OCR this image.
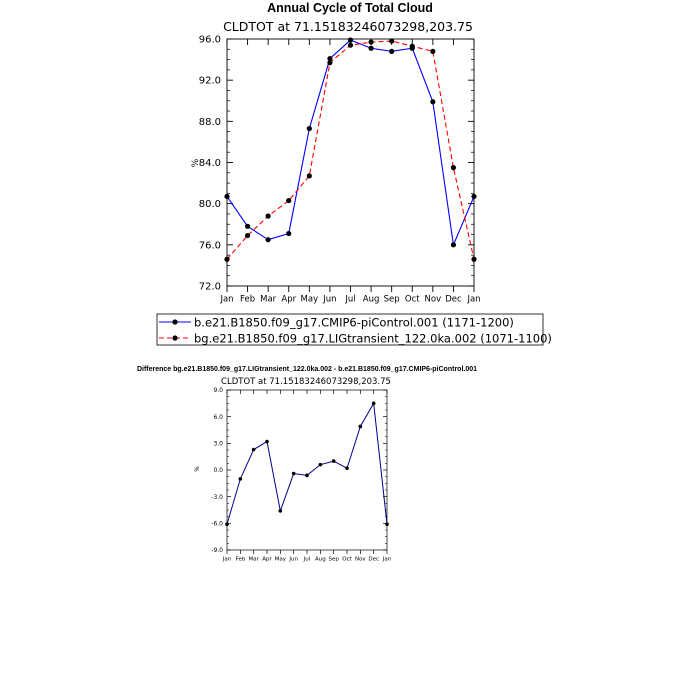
Annual Cycle of Total Cloud
CLDTOT at 71.15183246073298,203.75
%
72.0
76.0
80.0
84.0
88.0
92.0
96.0
Jan Feb Mar Apr May Jun Jul Aug Sep Oct Nov Dec Jan
b.e21.B1850.f09_g17.CMIP6-piControl.001 (1171-1200)
bg.e21.B1850.f09_g17.LIGtransient_122.0ka.002 (1071-1100)
Difference bg.e21.B1850.f09_g17.LIGtransient_122.0ka.002 - b.e21.B1850.f09_g17.CMIP6-piControl.001
CLDTOT at 71.15183246073298,203.75
%
-9.0
-6.0
-3.0
0.0
3.0
6.0
9.0
Jan Feb Mar Apr May Jun Jul Aug Sep Oct Nov Dec Jan
